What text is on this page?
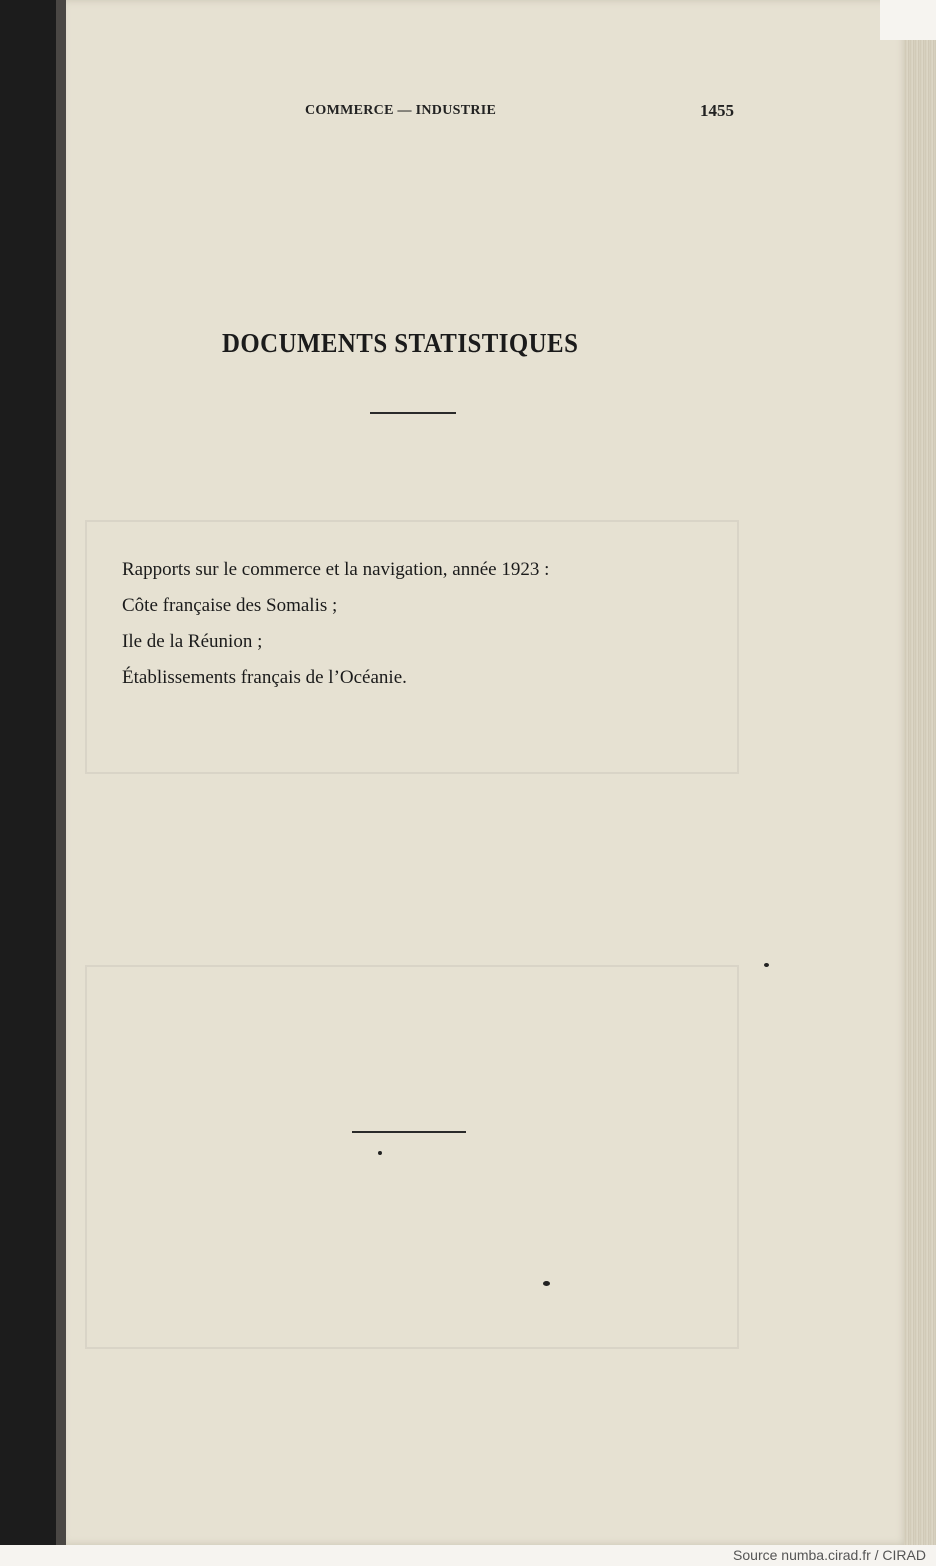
COMMERCE — INDUSTRIE	1455
DOCUMENTS STATISTIQUES
Rapports sur le commerce et la navigation, année 1923 :
Côte française des Somalis ;
Ile de la Réunion ;
Établissements français de l’Océanie.
Source numba.cirad.fr / CIRAD
